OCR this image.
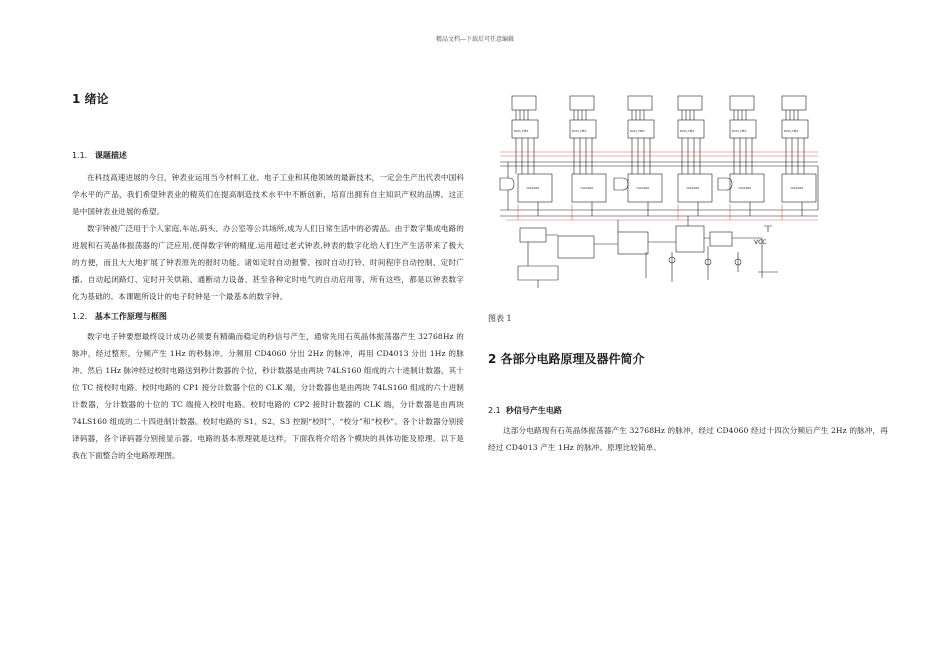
精品文档---下载后可任意编辑
1 绪论
1.1. 课题描述

在科技高速进展的今日，钟表业运用当今材料工业、电子工业和其他领域的最新技术，一定会生产出代表中国科学水平的产品，我们希望钟表业的精英们在提高制造技术水平中不断创新，培育出拥有自主知识产权的品牌。这正是中国钟表业进展的希望。

数字钟被广泛用于个人家庭,车站,码头、办公室等公共场所,成为人们日常生活中的必需品。由于数字集成电路的进展和石英晶体振荡器的广泛应用,使得数字钟的精度,运用超过老式钟表,钟表的数字化给人们生产生活带来了极大的方便，而且大大地扩展了钟表原先的报时功能。诸如定时自动报警、按时自动打铃、时间程序自动控制、定时广播、自动起闭路灯、定时开关烘箱、通断动力设备、甚至各种定时电气的自动启用等，所有这些，都是以钟表数字化为基础的。本课题所设计的电子时钟是一个最基本的数字钟。

1.2. 基本工作原理与框图

数字电子钟要想最终设计成功必须要有精确而稳定的秒信号产生，通常先用石英晶体振荡器产生 32768Hz 的脉冲，经过整形、分频产生 1Hz 的秒脉冲。分频用 CD4060 分出 2Hz 的脉冲，再用 CD4013 分出 1Hz 的脉冲。然后 1Hz 脉冲经过校时电路送到秒计数器的个位，秒计数器是由两块 74LS160 组成的六十进制计数器，其十位 TC 接校时电路。校时电路的 CP1 接分计数器个位的 CLK 端，分计数器也是由两块 74LS160 组成的六十进制计数器，分计数器的十位的 TC 端接入校时电路。校时电路的 CP2 接时计数器的 CLK 端，分计数器是由两块 74LS160 组成的二十四进制计数器。校时电路的 S1、S2、S3 控制“校时”、“校分”和“校秒”。各个计数器分别接译码器，各个译码器分别接显示器。电路的基本原理就是这样，下面我将介绍各个模块的具体功能及原理。以下是我在下面整合的全电路原理图。

DCD_HEX	DCD_HEX	DCD_HEX	DCD_HEX	DCD_HEX	DCD_HEX
74LS160	74LS160	74LS160	74LS160	74LS160	74LS160
VCC

图表 1

2 各部分电路原理及器件简介
2.1 秒信号产生电路

这部分电路现有石英晶体振荡器产生 32768Hz 的脉冲，经过 CD4060 经过十四次分频后产生 2Hz 的脉冲，再经过 CD4013 产生 1Hz 的脉冲。原理比较简单。
